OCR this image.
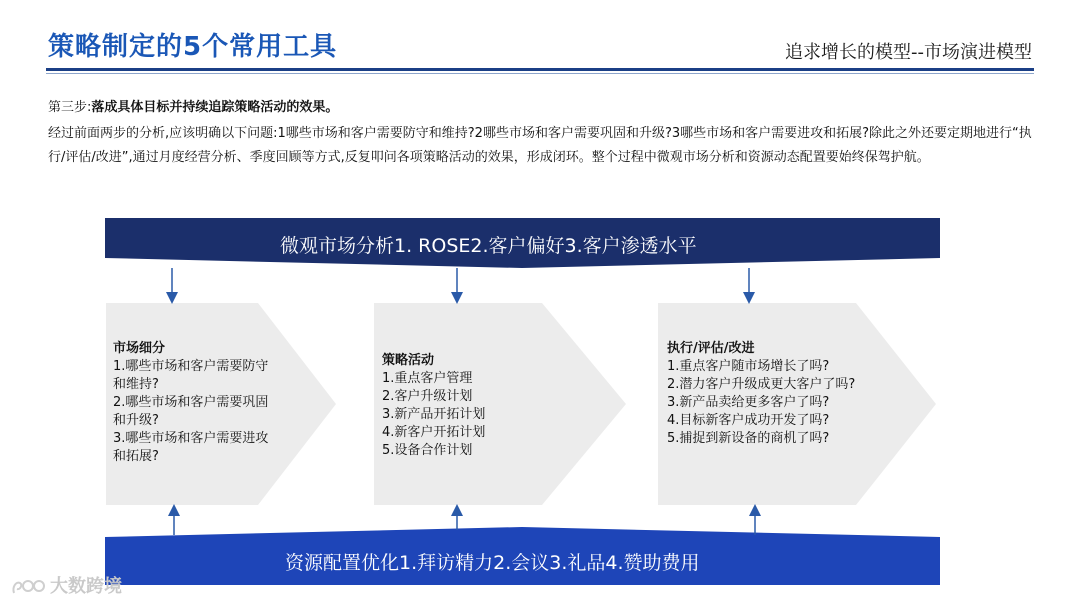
策略制定的5个常用工具	追求增长的模型--市场演进模型
第三步:落成具体目标并持续追踪策略活动的效果。
经过前面两步的分析,应该明确以下问题:1哪些市场和客户需要防守和维持?2哪些市场和客户需要巩固和升级?3哪些市场和客户需要进攻和拓展?除此之外还要定期地进行“执行/评估/改进”,通过月度经营分析、季度回顾等方式,反复叩问各项策略活动的效果，形成闭环。整个过程中微观市场分析和资源动态配置要始终保驾护航。
微观市场分析1. ROSE2.客户偏好3.客户渗透水平
资源配置优化1.拜访精力2.会议3.礼品4.赞助费用
市场细分
1.哪些市场和客户需要防守和维持?
2.哪些市场和客户需要巩固和升级?
3.哪些市场和客户需要进攻和拓展?
策略活动
1.重点客户管理
2.客户升级计划
3.新产品开拓计划
4.新客户开拓计划
5.设备合作计划
执行/评估/改进
1.重点客户随市场增长了吗?
2.潜力客户升级成更大客户了吗?
3.新产品卖给更多客户了吗?
4.目标新客户成功开发了吗?
5.捕捉到新设备的商机了吗?
大数跨境
